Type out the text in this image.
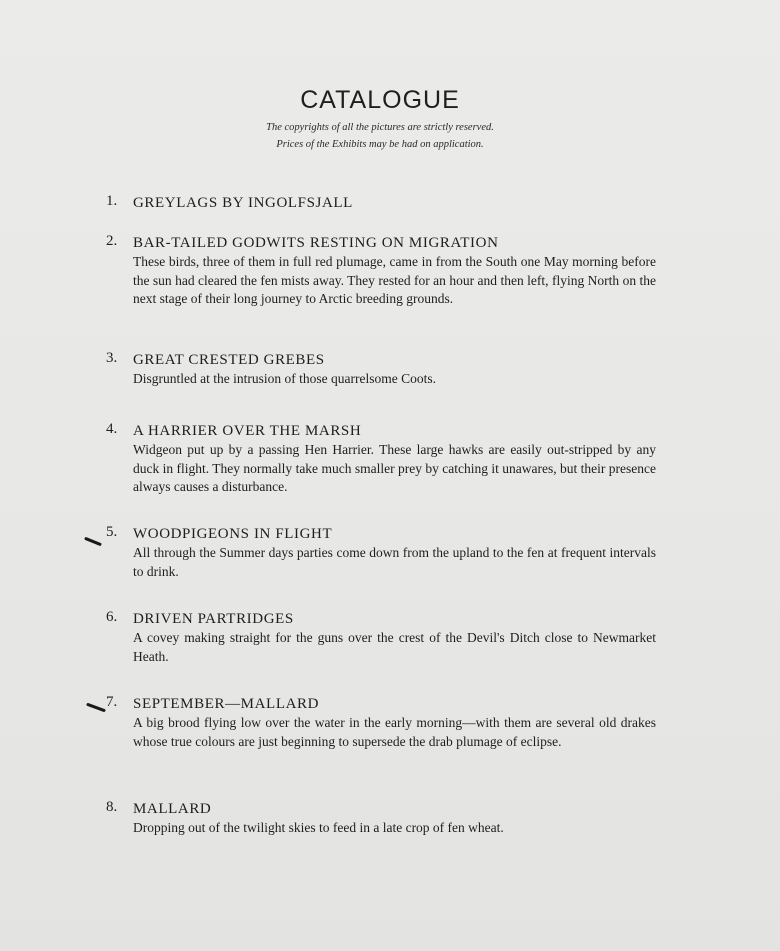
CATALOGUE
The copyrights of all the pictures are strictly reserved.
Prices of the Exhibits may be had on application.
1.	GREYLAGS BY INGOLFSJALL
2.	BAR-TAILED GODWITS RESTING ON MIGRATION
These birds, three of them in full red plumage, came in from the South one May morning before the sun had cleared the fen mists away. They rested for an hour and then left, flying North on the next stage of their long journey to Arctic breeding grounds.
3.	GREAT CRESTED GREBES
Disgruntled at the intrusion of those quarrelsome Coots.
4.	A HARRIER OVER THE MARSH
Widgeon put up by a passing Hen Harrier. These large hawks are easily out-stripped by any duck in flight. They normally take much smaller prey by catching it unawares, but their presence always causes a disturbance.
5.	WOODPIGEONS IN FLIGHT
All through the Summer days parties come down from the upland to the fen at frequent intervals to drink.
6.	DRIVEN PARTRIDGES
A covey making straight for the guns over the crest of the Devil's Ditch close to Newmarket Heath.
7.	SEPTEMBER—MALLARD
A big brood flying low over the water in the early morning—with them are several old drakes whose true colours are just beginning to supersede the drab plumage of eclipse.
8.	MALLARD
Dropping out of the twilight skies to feed in a late crop of fen wheat.
